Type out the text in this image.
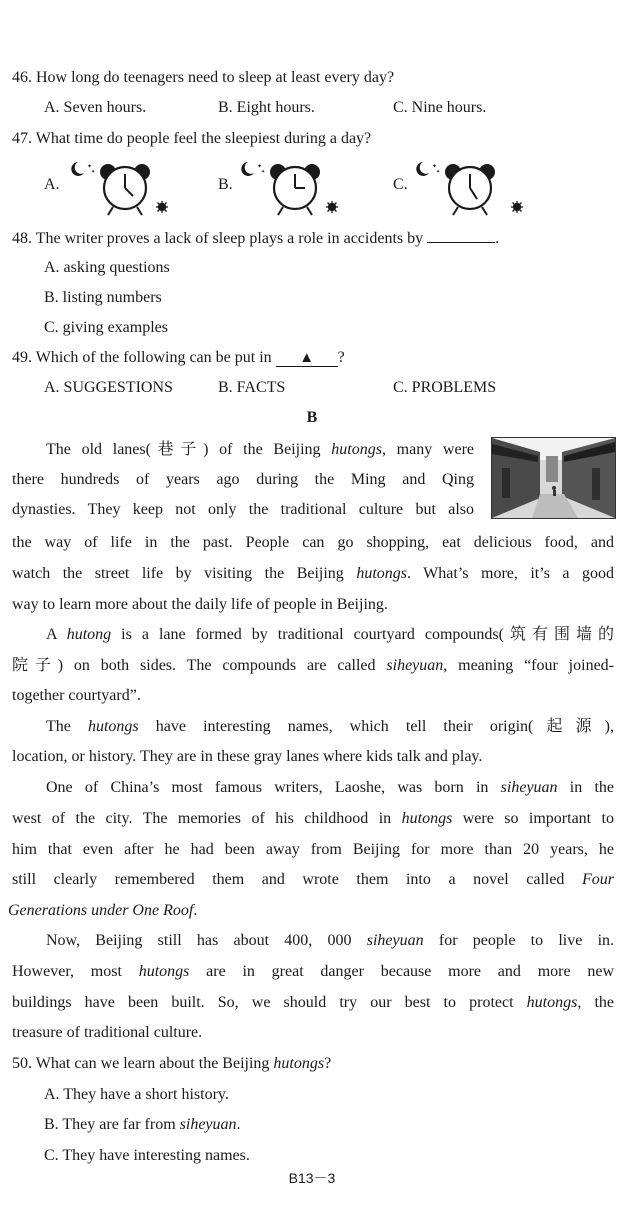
46. How long do teenagers need to sleep at least every day?
A. Seven hours.	B. Eight hours.	C. Nine hours.
47. What time do people feel the sleepiest during a day?
A.
✦
✦
B.
✦
✦
C.
✦
✦
48. The writer proves a lack of sleep plays a role in accidents by	.
A. asking questions
B. listing numbers
C. giving examples
49. Which of the following can be put in ▲ ?
A. SUGGESTIONS	B. FACTS	C. PROBLEMS
B
The old lanes(巷子) of the Beijing hutongs, many were
there hundreds of years ago during the Ming and Qing
dynasties. They keep not only the traditional culture but also
the way of life in the past. People can go shopping, eat delicious food, and
watch the street life by visiting the Beijing hutongs. What’s more, it’s a good
way to learn more about the daily life of people in Beijing.
A hutong is a lane formed by traditional courtyard compounds(筑有围墙的
院子) on both sides. The compounds are called siheyuan, meaning “four joined-
together courtyard”.
The hutongs have interesting names, which tell their origin(起源),
location, or history. They are in these gray lanes where kids talk and play.
One of China’s most famous writers, Laoshe, was born in siheyuan in the
west of the city. The memories of his childhood in hutongs were so important to
him that even after he had been away from Beijing for more than 20 years, he
still clearly remembered them and wrote them into a novel called Four
Generations under One Roof.
Now, Beijing still has about 400, 000 siheyuan for people to live in.
However, most hutongs are in great danger because more and more new
buildings have been built. So, we should try our best to protect hutongs, the
treasure of traditional culture.
50. What can we learn about the Beijing hutongs?
A. They have a short history.
B. They are far from siheyuan.
C. They have interesting names.
B13－3
